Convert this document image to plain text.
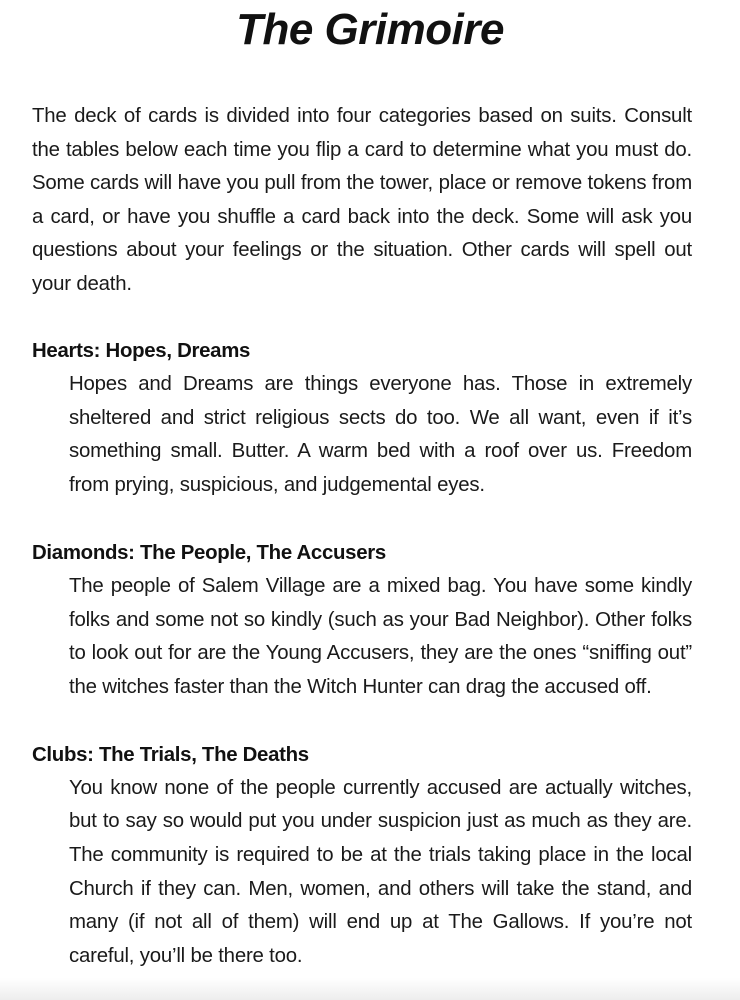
The Grimoire

The deck of cards is divided into four categories based on suits. Consult the tables below each time you flip a card to determine what you must do. Some cards will have you pull from the tower, place or remove tokens from a card, or have you shuffle a card back into the deck. Some will ask you questions about your feelings or the situation. Other cards will spell out your death.

Hearts: Hopes, Dreams
Hopes and Dreams are things everyone has. Those in extremely sheltered and strict religious sects do too. We all want, even if it’s something small. Butter. A warm bed with a roof over us. Freedom from prying, suspicious, and judgemental eyes.
Diamonds: The People, The Accusers
The people of Salem Village are a mixed bag. You have some kindly folks and some not so kindly (such as your Bad Neighbor). Other folks to look out for are the Young Accusers, they are the ones “sniffing out” the witches faster than the Witch Hunter can drag the accused off.
Clubs: The Trials, The Deaths
You know none of the people currently accused are actually witches, but to say so would put you under suspicion just as much as they are. The community is required to be at the trials taking place in the local Church if they can. Men, women, and others will take the stand, and many (if not all of them) will end up at The Gallows. If you’re not careful, you’ll be there too.
